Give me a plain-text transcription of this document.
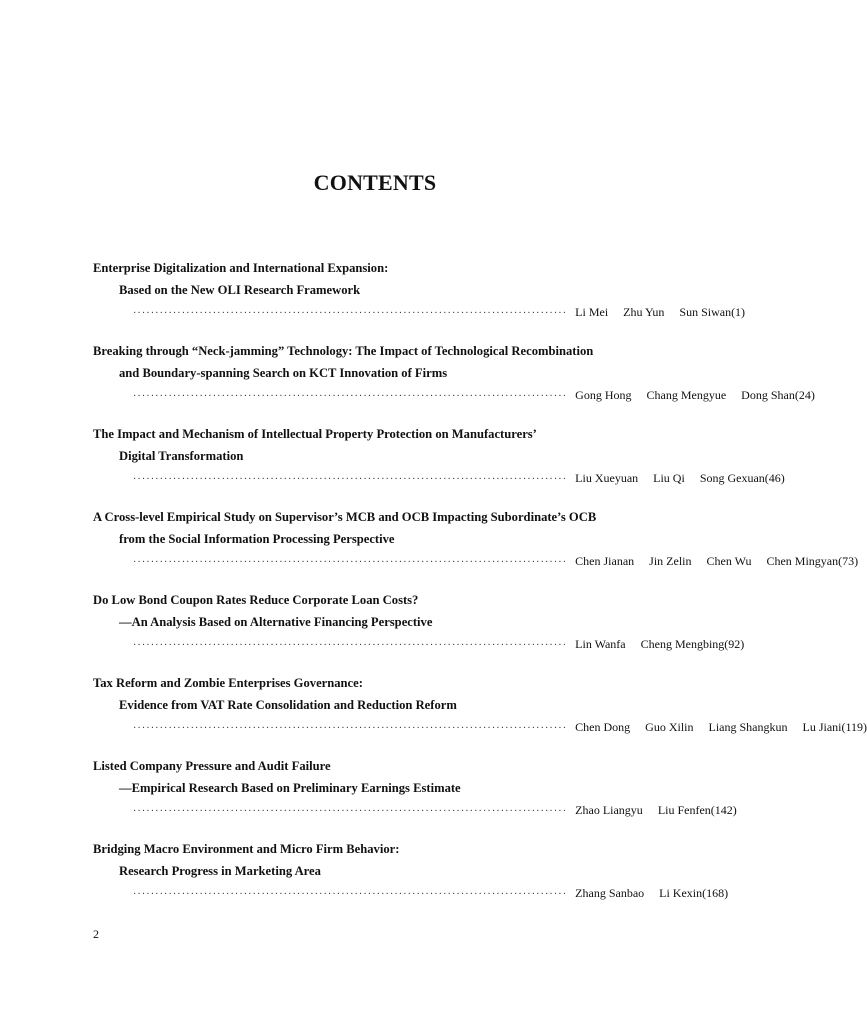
CONTENTS
Enterprise Digitalization and International Expansion:
Based on the New OLI Research Framework
·································································································· Li Mei Zhu Yun Sun Siwan(1)
Breaking through “Neck-jamming” Technology: The Impact of Technological Recombination
and Boundary-spanning Search on KCT Innovation of Firms
·································································································· Gong Hong Chang Mengyue Dong Shan(24)
The Impact and Mechanism of Intellectual Property Protection on Manufacturers’
Digital Transformation
·································································································· Liu Xueyuan Liu Qi Song Gexuan(46)
A Cross-level Empirical Study on Supervisor’s MCB and OCB Impacting Subordinate’s OCB
from the Social Information Processing Perspective
·································································································· Chen Jianan Jin Zelin Chen Wu Chen Mingyan(73)
Do Low Bond Coupon Rates Reduce Corporate Loan Costs?
—An Analysis Based on Alternative Financing Perspective
·································································································· Lin Wanfa Cheng Mengbing(92)
Tax Reform and Zombie Enterprises Governance:
Evidence from VAT Rate Consolidation and Reduction Reform
·································································································· Chen Dong Guo Xilin Liang Shangkun Lu Jiani(119)
Listed Company Pressure and Audit Failure
—Empirical Research Based on Preliminary Earnings Estimate
·································································································· Zhao Liangyu Liu Fenfen(142)
Bridging Macro Environment and Micro Firm Behavior:
Research Progress in Marketing Area
·································································································· Zhang Sanbao Li Kexin(168)
2
